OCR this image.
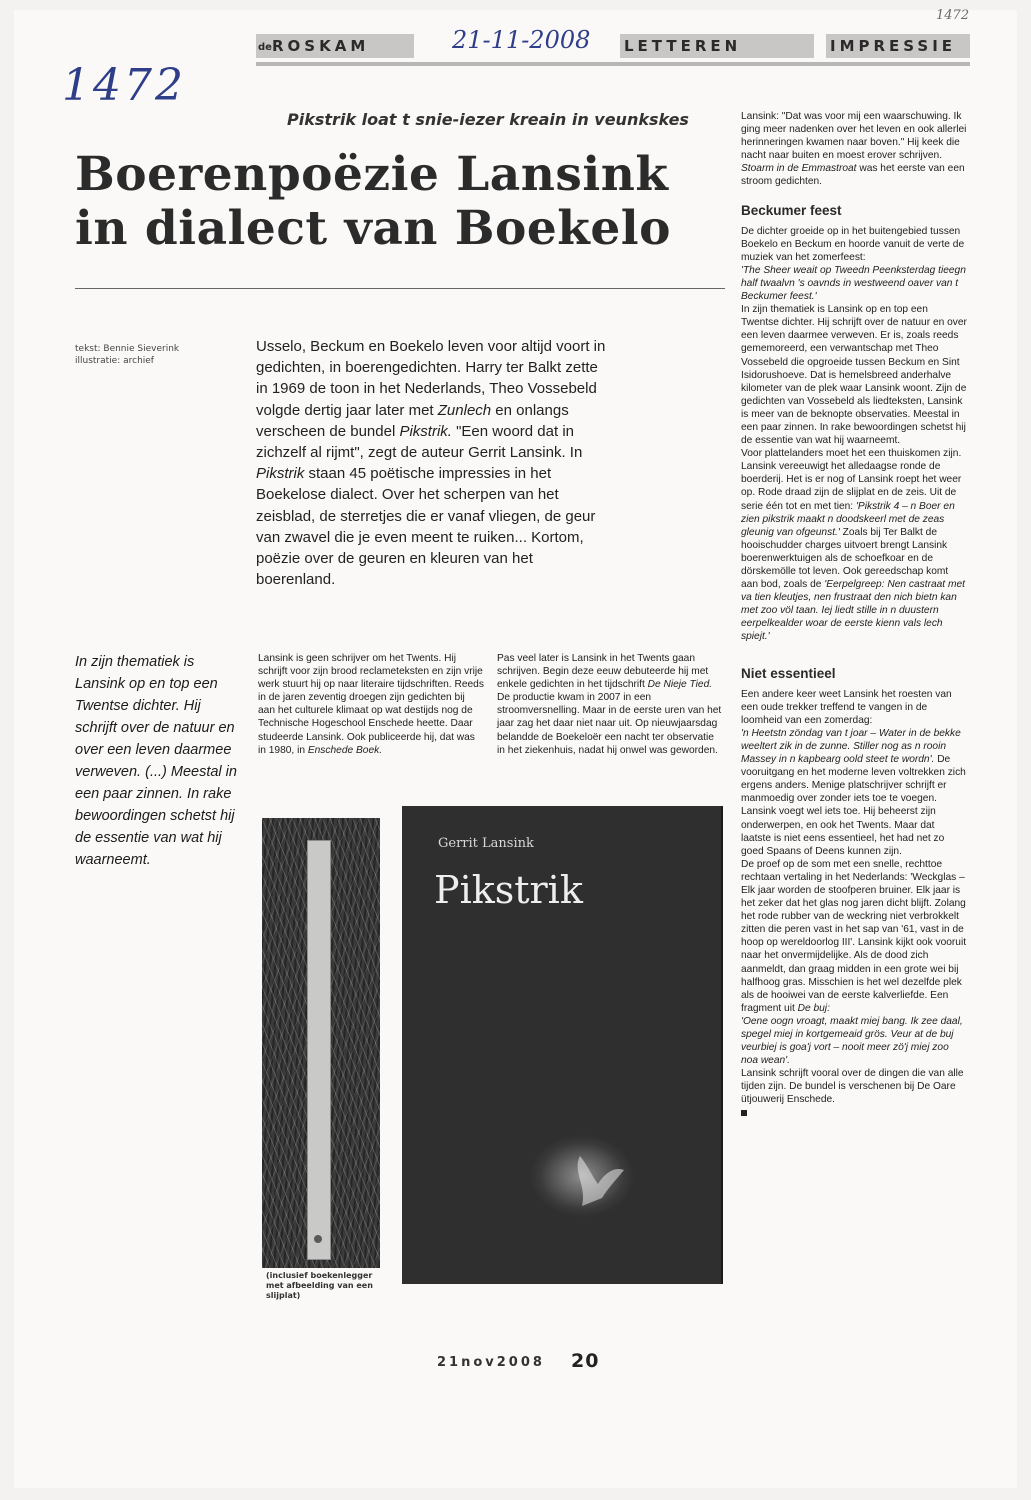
1472
21-11-2008
1472
de ROSKAM	LETTEREN	IMPRESSIE
Pikstrik loat t snie-iezer kreain in veunkskes
Boerenpoëzie Lansink
in dialect van Boekelo
tekst: Bennie Sieverink
illustratie: archief

Usselo, Beckum en Boekelo leven voor altijd voort in gedichten, in boerengedichten. Harry ter Balkt zette in 1969 de toon in het Nederlands, Theo Vossebeld volgde dertig jaar later met Zunlech en onlangs verscheen de bundel Pikstrik. "Een woord dat in zichzelf al rijmt", zegt de auteur Gerrit Lansink. In Pikstrik staan 45 poëtische impressies in het Boekelose dialect. Over het scherpen van het zeisblad, de sterretjes die er vanaf vliegen, de geur van zwavel die je even meent te ruiken... Kortom, poëzie over de geuren en kleuren van het boerenland.

In zijn thematiek is Lansink op en top een Twentse dichter. Hij schrijft over de natuur en over een leven daarmee verweven. (...) Meestal in een paar zinnen. In rake bewoordingen schetst hij de essentie van wat hij waarneemt.

Lansink is geen schrijver om het Twents. Hij schrijft voor zijn brood reclameteksten en zijn vrije werk stuurt hij op naar literaire tijdschriften. Reeds in de jaren zeventig droegen zijn gedichten bij aan het culturele klimaat op wat destijds nog de Technische Hogeschool Enschede heette. Daar studeerde Lansink. Ook publiceerde hij, dat was in 1980, in Enschede Boek.

Pas veel later is Lansink in het Twents gaan schrijven. Begin deze eeuw debuteerde hij met enkele gedichten in het tijdschrift De Nieje Tied. De productie kwam in 2007 in een stroomversnelling. Maar in de eerste uren van het jaar zag het daar niet naar uit. Op nieuwjaarsdag belandde de Boekeloër een nacht ter observatie in het ziekenhuis, nadat hij onwel was geworden.

Lansink: "Dat was voor mij een waarschuwing. Ik ging meer nadenken over het leven en ook allerlei herinneringen kwamen naar boven." Hij keek die nacht naar buiten en moest erover schrijven. Stoarm in de Emmastroat was het eerste van een stroom gedichten.

Beckumer feest

De dichter groeide op in het buitengebied tussen Boekelo en Beckum en hoorde vanuit de verte de muziek van het zomerfeest:

'The Sheer weait op Tweedn Peenksterdag tieegn half twaalvn 's oavnds in westweend oaver van t Beckumer feest.'

In zijn thematiek is Lansink op en top een Twentse dichter. Hij schrijft over de natuur en over een leven daarmee verweven. Er is, zoals reeds gememoreerd, een verwantschap met Theo Vossebeld die opgroeide tussen Beckum en Sint Isidorushoeve. Dat is hemelsbreed anderhalve kilometer van de plek waar Lansink woont. Zijn de gedichten van Vossebeld als liedteksten, Lansink is meer van de beknopte observaties. Meestal in een paar zinnen. In rake bewoordingen schetst hij de essentie van wat hij waarneemt.

Voor plattelanders moet het een thuiskomen zijn. Lansink vereeuwigt het alledaagse ronde de boerderij. Het is er nog of Lansink roept het weer op. Rode draad zijn de slijplat en de zeis. Uit de serie één tot en met tien: 'Pikstrik 4 – n Boer en zien pikstrik maakt n doodskeerl met de zeas gleunig van ofgeunst.' Zoals bij Ter Balkt de hooischudder charges uitvoert brengt Lansink boerenwerktuigen als de schoefkoar en de dörskemölle tot leven. Ook gereedschap komt aan bod, zoals de 'Eerpelgreep: Nen castraat met va tien kleutjes, nen frustraat den nich bietn kan met zoo völ taan. Iej liedt stille in n duustern eerpelkealder woar de eerste kienn vals lech spiejt.'

Niet essentieel

Een andere keer weet Lansink het roesten van een oude trekker treffend te vangen in de loomheid van een zomerdag:

'n Heetstn zöndag van t joar – Water in de bekke weeltert zik in de zunne. Stiller nog as n rooin Massey in n kapbearg oold steet te wordn'. De vooruitgang en het moderne leven voltrekken zich ergens anders. Menige platschrijver schrijft er manmoedig over zonder iets toe te voegen. Lansink voegt wel iets toe. Hij beheerst zijn onderwerpen, en ook het Twents. Maar dat laatste is niet eens essentieel, het had net zo goed Spaans of Deens kunnen zijn.

De proef op de som met een snelle, rechttoe rechtaan vertaling in het Nederlands: 'Weckglas – Elk jaar worden de stoofperen bruiner. Elk jaar is het zeker dat het glas nog jaren dicht blijft. Zolang het rode rubber van de weckring niet verbrokkelt zitten die peren vast in het sap van '61, vast in de hoop op wereldoorlog III'. Lansink kijkt ook vooruit naar het onvermijdelijke. Als de dood zich aanmeldt, dan graag midden in een grote wei bij halfhoog gras. Misschien is het wel dezelfde plek als de hooiwei van de eerste kalverliefde. Een fragment uit De buj:

'Oene oogn vroagt, maakt miej bang. Ik zee daal, spegel miej in kortgemeaid grös. Veur at de buj veurbiej is goa'j vort – nooit meer zö'j miej zoo noa wean'.

Lansink schrijft vooral over de dingen die van alle tijden zijn. De bundel is verschenen bij De Oare ütjouwerij Enschede.

(inclusief boekenlegger met afbeelding van een slijplat)
Gerrit Lansink
Pikstrik
21nov2008 20
